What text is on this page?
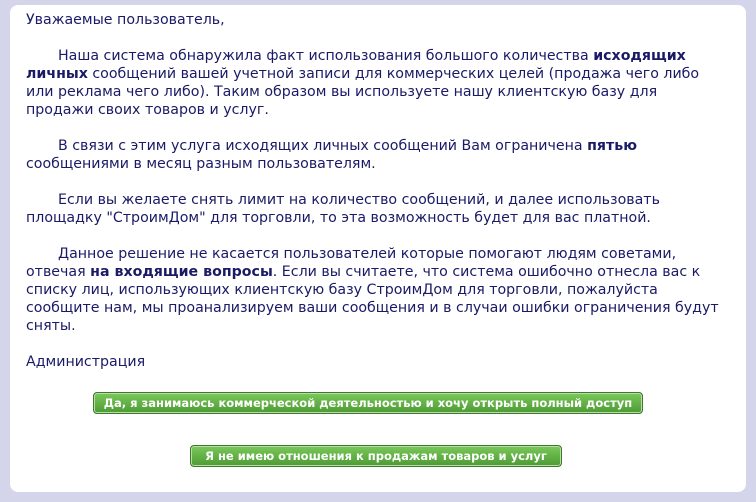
Уважаемые пользователь,

Наша система обнаружила факт использования большого количества исходящих личных сообщений вашей учетной записи для коммерческих целей (продажа чего либо или реклама чего либо). Таким образом вы используете нашу клиентскую базу для продажи своих товаров и услуг.

В связи с этим услуга исходящих личных сообщений Вам ограничена пятью сообщениями в месяц разным пользователям.

Если вы желаете снять лимит на количество сообщений, и далее использовать площадку "СтроимДом" для торговли, то эта возможность будет для вас платной.

Данное решение не касается пользователей которые помогают людям советами, отвечая на входящие вопросы. Если вы считаете, что система ошибочно отнесла вас к списку лиц, использующих клиентскую базу СтроимДом для торговли, пожалуйста сообщите нам, мы проанализируем ваши сообщения и в случаи ошибки ограничения будут сняты.

Администрация

Да, я занимаюсь коммерческой деятельностью и хочу открыть полный доступ
Я не имею отношения к продажам товаров и услуг
